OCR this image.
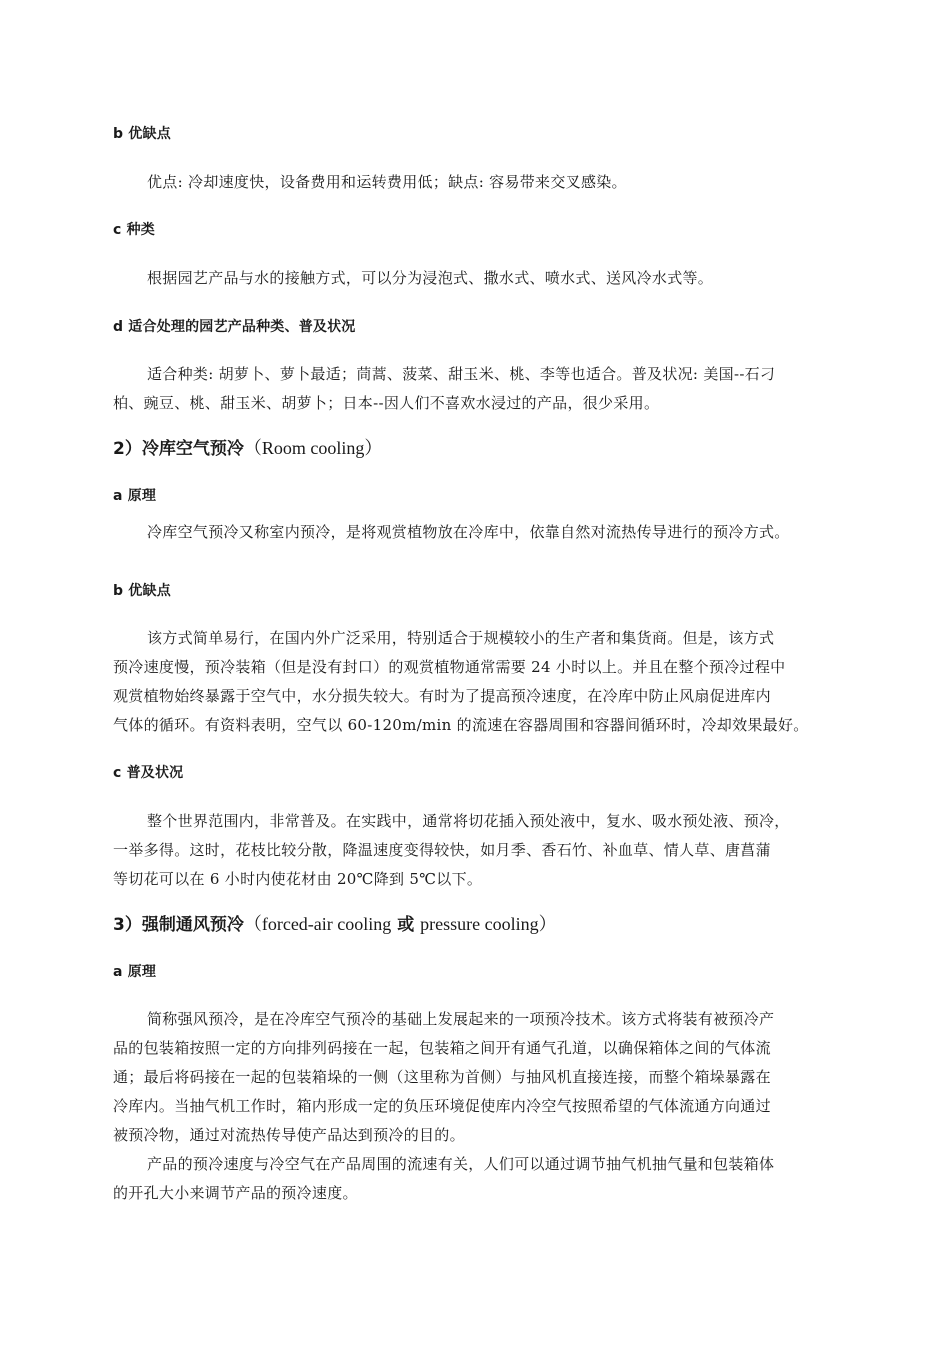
b 优缺点
优点: 冷却速度快，设备费用和运转费用低；缺点: 容易带来交叉感染。
c 种类
根据园艺产品与水的接触方式，可以分为浸泡式、撒水式、喷水式、送风冷水式等。
d 适合处理的园艺产品种类、普及状况
适合种类: 胡萝卜、萝卜最适；茼蒿、菠菜、甜玉米、桃、李等也适合。普及状况: 美国--石刁
柏、豌豆、桃、甜玉米、胡萝卜；日本--因人们不喜欢水浸过的产品，很少采用。
2）冷库空气预冷（Room cooling）
a 原理
冷库空气预冷又称室内预冷，是将观赏植物放在冷库中，依靠自然对流热传导进行的预冷方式。
b 优缺点
该方式简单易行，在国内外广泛采用，特别适合于规模较小的生产者和集货商。但是，该方式
预冷速度慢，预冷装箱（但是没有封口）的观赏植物通常需要 24 小时以上。并且在整个预冷过程中
观赏植物始终暴露于空气中，水分损失较大。有时为了提高预冷速度，在冷库中防止风扇促进库内
气体的循环。有资料表明，空气以 60-120m/min 的流速在容器周围和容器间循环时，冷却效果最好。
c 普及状况
整个世界范围内，非常普及。在实践中，通常将切花插入预处液中，复水、吸水预处液、预冷，
一举多得。这时，花枝比较分散，降温速度变得较快，如月季、香石竹、补血草、情人草、唐菖蒲
等切花可以在 6 小时内使花材由 20℃降到 5℃以下。
3）强制通风预冷（forced-air cooling 或 pressure cooling）
a 原理
简称强风预冷，是在冷库空气预冷的基础上发展起来的一项预冷技术。该方式将装有被预冷产
品的包装箱按照一定的方向排列码接在一起，包装箱之间开有通气孔道，以确保箱体之间的气体流
通；最后将码接在一起的包装箱垛的一侧（这里称为首侧）与抽风机直接连接，而整个箱垛暴露在
冷库内。当抽气机工作时，箱内形成一定的负压环境促使库内冷空气按照希望的气体流通方向通过
被预冷物，通过对流热传导使产品达到预冷的目的。
产品的预冷速度与冷空气在产品周围的流速有关，人们可以通过调节抽气机抽气量和包装箱体
的开孔大小来调节产品的预冷速度。
